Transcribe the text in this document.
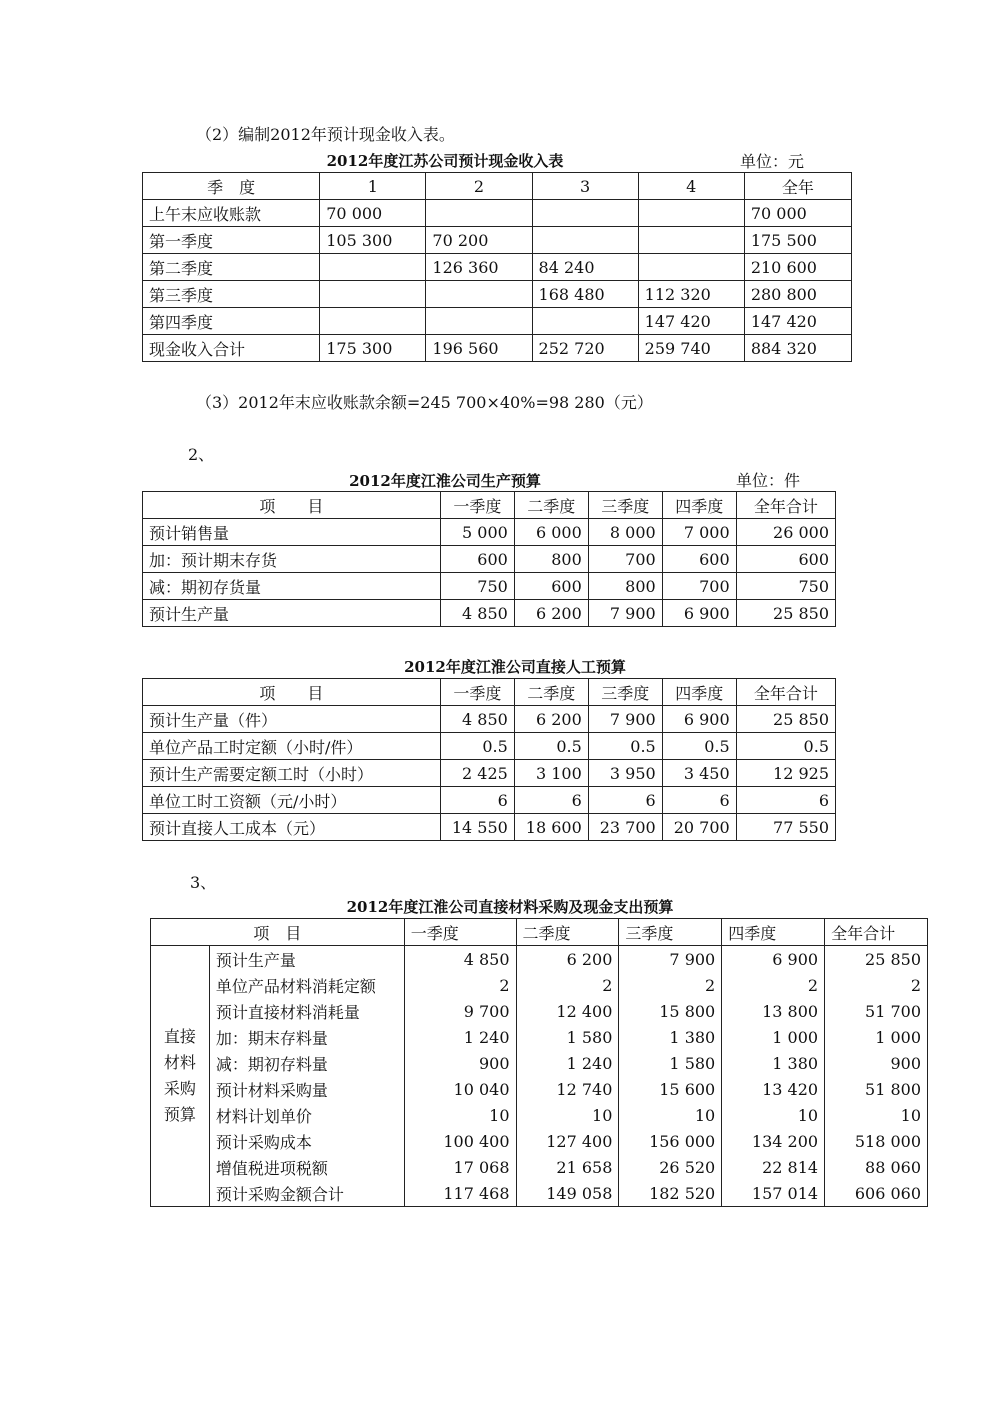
（2）编制2012年预计现金收入表。
2012年度江苏公司预计现金收入表	单位：元
季　度	1	2	3	4	全年
上午末应收账款	70 000				70 000
第一季度	105 300	70 200			175 500
第二季度		126 360	84 240		210 600
第三季度			168 480	112 320	280 800
第四季度				147 420	147 420
现金收入合计	175 300	196 560	252 720	259 740	884 320
（3）2012年末应收账款余额=245 700×40%=98 280（元）
2、
2012年度江淮公司生产预算	单位：件
项　　目	一季度	二季度	三季度	四季度	全年合计
预计销售量	5 000	6 000	8 000	7 000	26 000
加：预计期末存货	600	800	700	600	600
减：期初存货量	750	600	800	700	750
预计生产量	4 850	6 200	7 900	6 900	25 850
2012年度江淮公司直接人工预算
项　　目	一季度	二季度	三季度	四季度	全年合计
预计生产量（件）	4 850	6 200	7 900	6 900	25 850
单位产品工时定额（小时/件）	0.5	0.5	0.5	0.5	0.5
预计生产需要定额工时（小时）	2 425	3 100	3 950	3 450	12 925
单位工时工资额（元/小时）	6	6	6	6	6
预计直接人工成本（元）	14 550	18 600	23 700	20 700	77 550
3、
2012年度江淮公司直接材料采购及现金支出预算
项　目		一季度	二季度	三季度	四季度	全年合计

直接
材料
采购
预算	预计生产量	4 850	6 200	7 900	6 900	25 850
	单位产品材料消耗定额	2	2	2	2	2
	预计直接材料消耗量	9 700	12 400	15 800	13 800	51 700
	加：期末存料量	1 240	1 580	1 380	1 000	1 000
	减：期初存料量	900	1 240	1 580	1 380	900
	预计材料采购量	10 040	12 740	15 600	13 420	51 800
	材料计划单价	10	10	10	10	10
	预计采购成本	100 400	127 400	156 000	134 200	518 000
	增值税进项税额	17 068	21 658	26 520	22 814	88 060
	预计采购金额合计	117 468	149 058	182 520	157 014	606 060
